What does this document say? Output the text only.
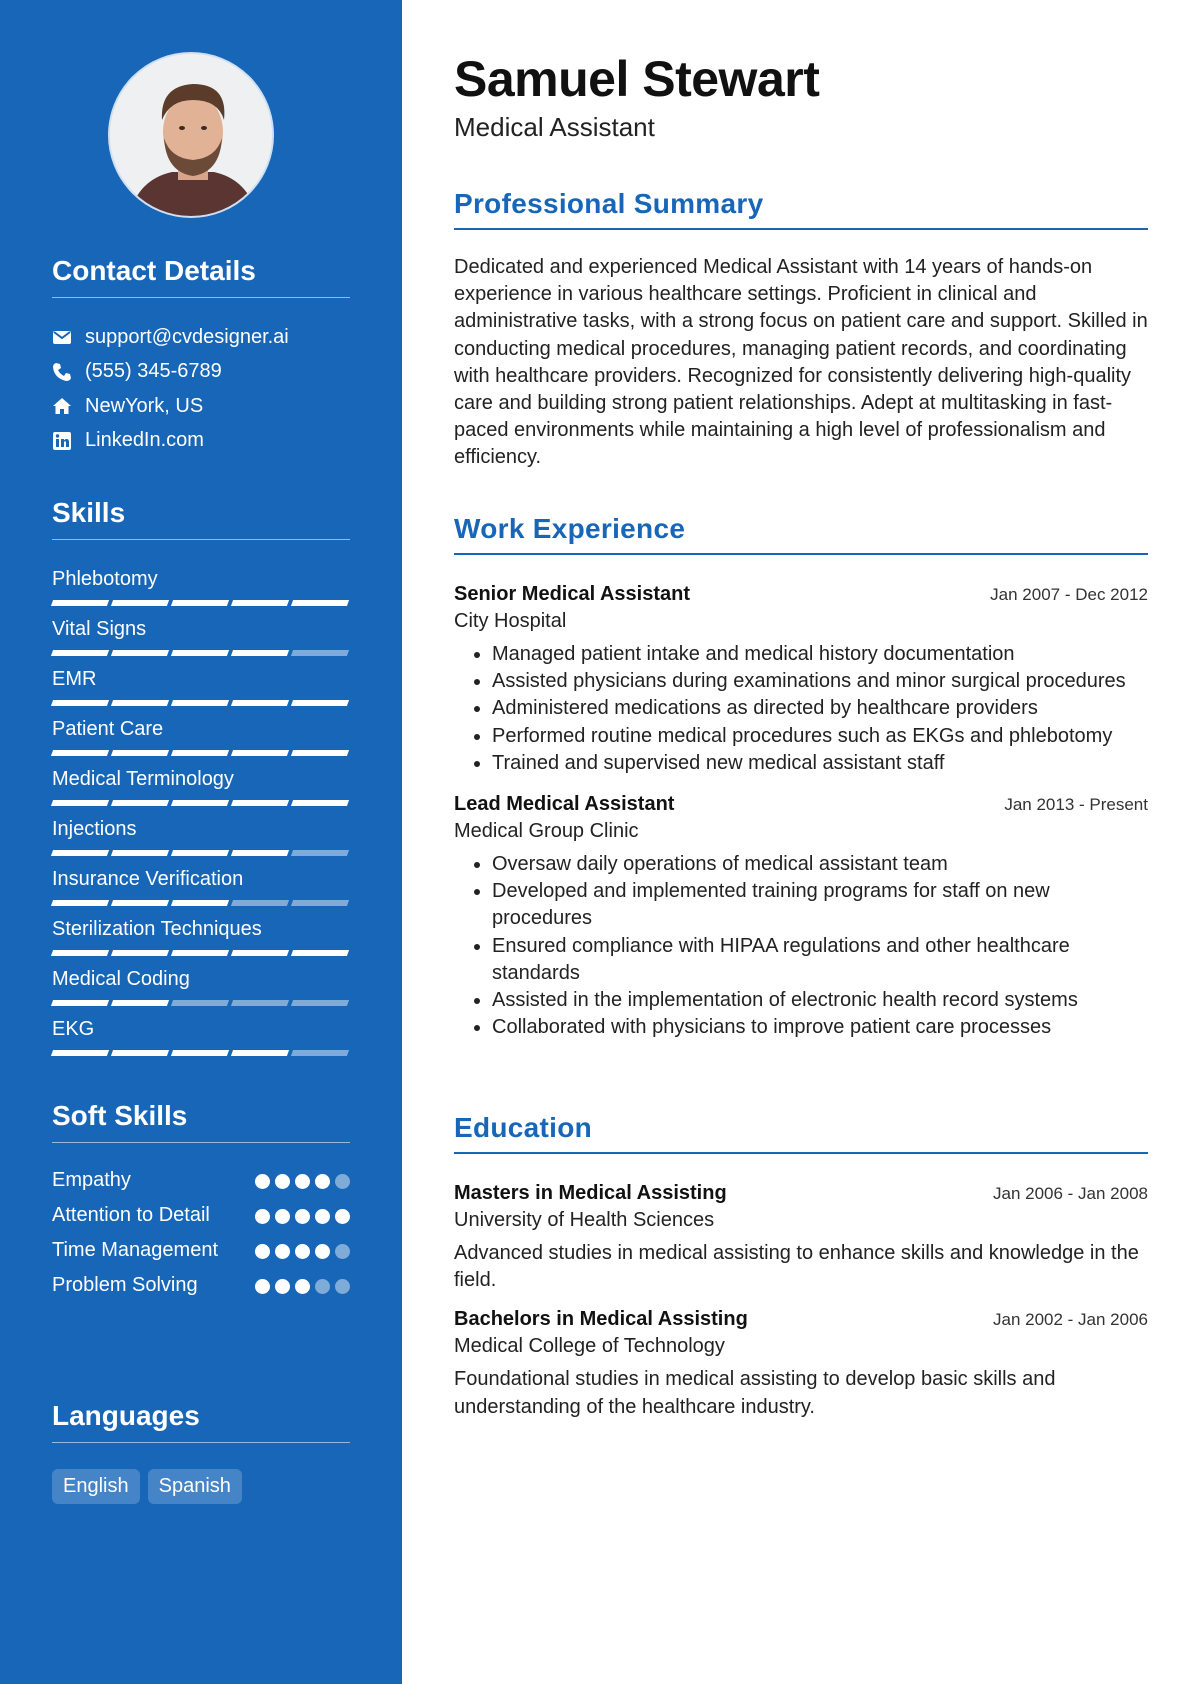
Contact Details
support@cvdesigner.ai
(555) 345-6789
NewYork, US
LinkedIn.com
Skills
Phlebotomy
Vital Signs
EMR
Patient Care
Medical Terminology
Injections
Insurance Verification
Sterilization Techniques
Medical Coding
EKG
Soft Skills
Empathy
Attention to Detail
Time Management
Problem Solving
Languages
English	Spanish
Samuel Stewart
Medical Assistant
Professional Summary

Dedicated and experienced Medical Assistant with 14 years of hands-on experience in various healthcare settings. Proficient in clinical and administrative tasks, with a strong focus on patient care and support. Skilled in conducting medical procedures, managing patient records, and coordinating with healthcare providers. Recognized for consistently delivering high-quality care and building strong patient relationships. Adept at multitasking in fast-paced environments while maintaining a high level of professionalism and efficiency.

Work Experience
Senior Medical Assistant	Jan 2007 - Dec 2012
City Hospital
• Managed patient intake and medical history documentation
• Assisted physicians during examinations and minor surgical procedures
• Administered medications as directed by healthcare providers
• Performed routine medical procedures such as EKGs and phlebotomy
• Trained and supervised new medical assistant staff
Lead Medical Assistant	Jan 2013 - Present
Medical Group Clinic
• Oversaw daily operations of medical assistant team
• Developed and implemented training programs for staff on new procedures
• Ensured compliance with HIPAA regulations and other healthcare standards
• Assisted in the implementation of electronic health record systems
• Collaborated with physicians to improve patient care processes
Education
Masters in Medical Assisting	Jan 2006 - Jan 2008
University of Health Sciences

Advanced studies in medical assisting to enhance skills and knowledge in the field.

Bachelors in Medical Assisting	Jan 2002 - Jan 2006
Medical College of Technology

Foundational studies in medical assisting to develop basic skills and understanding of the healthcare industry.
